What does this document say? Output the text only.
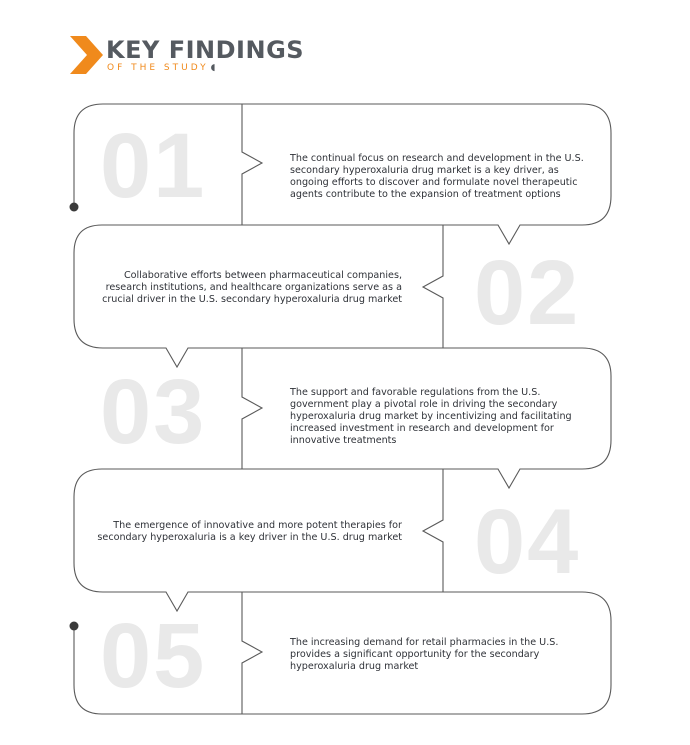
KEY FINDINGS
OF THE STUDY ◖
01	The continual focus on research and development in the U.S. secondary hyperoxaluria drug market is a key driver, as ongoing efforts to discover and formulate novel therapeutic agents contribute to the expansion of treatment options
02
Collaborative efforts between pharmaceutical companies, research institutions, and healthcare organizations serve as a crucial driver in the U.S. secondary hyperoxaluria drug market
03	The support and favorable regulations from the U.S. government play a pivotal role in driving the secondary hyperoxaluria drug market by incentivizing and facilitating increased investment in research and development for innovative treatments
04
The emergence of innovative and more potent therapies for secondary hyperoxaluria is a key driver in the U.S. drug market
05	The increasing demand for retail pharmacies in the U.S. provides a significant opportunity for the secondary hyperoxaluria drug market
